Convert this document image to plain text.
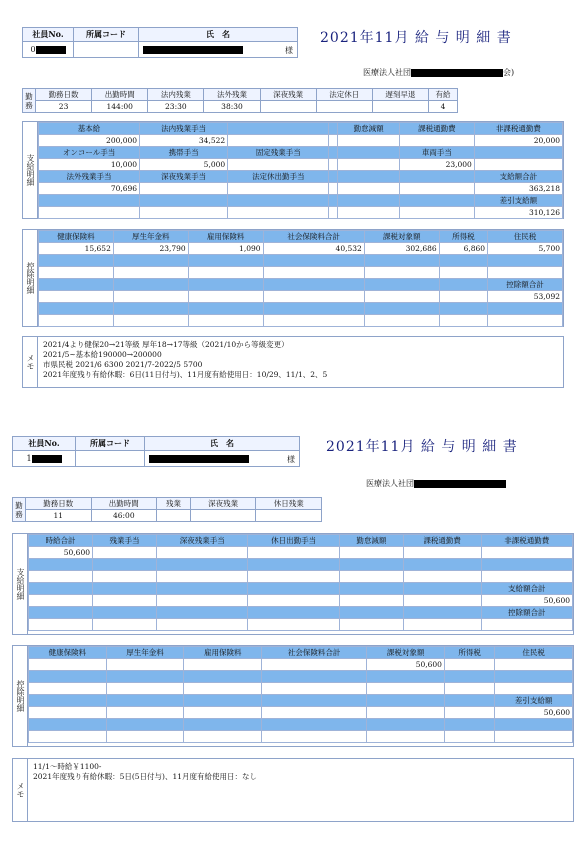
社員No.	所属コード	氏　名
0		様
2021年11月 給 与 明 細 書
医療法人社団	会)
勤務	勤務日数	出勤時間	法内残業	法外残業	深夜残業	法定休日	遅刻早退	有給
	23	144:00	23:30	38:30				4
支給明細
基本給	法内残業手当			勤怠減額	課税通勤費	非課税通勤費
200,000	34,522					20,000
オンコール手当	携帯手当	固定残業手当			車両手当	
10,000	5,000				23,000	
法外残業手当	深夜残業手当	法定休出勤手当				支給額合計
70,696						363,218
						差引支給額
						310,126
控除明細
健康保険料	厚生年金料	雇用保険料	社会保険料合計	課税対象額	所得税	住民税
15,652	23,790	1,090	40,532	302,686	6,860	5,700

						控除額合計
						53,092

メモ
2021/4より健保20→21等級 厚年18→17等級（2021/10から等級変更）
2021/5~基本給190000→200000
市県民税 2021/6 6300 2021/7-2022/5 5700
2021年度残り有給休暇：6日(11日付与)、11月度有給使用日：10/29、11/1、2、5
社員No.	所属コード	氏　名
1		様
2021年11月 給 与 明 細 書
医療法人社団
勤務	勤務日数	出勤時間	残業	深夜残業	休日残業
	11	46:00			
支給明細
時給合計	残業手当	深夜残業手当	休日出勤手当	勤怠減額	課税通勤費	非課税通勤費
50,600						

						支給額合計
						50,600
						控除額合計

控除明細
健康保険料	厚生年金料	雇用保険料	社会保険料合計	課税対象額	所得税	住民税
				50,600		

						差引支給額
						50,600

メモ
11/1～時給￥1100-
2021年度残り有給休暇：5日(5日付与)、11月度有給使用日：なし
